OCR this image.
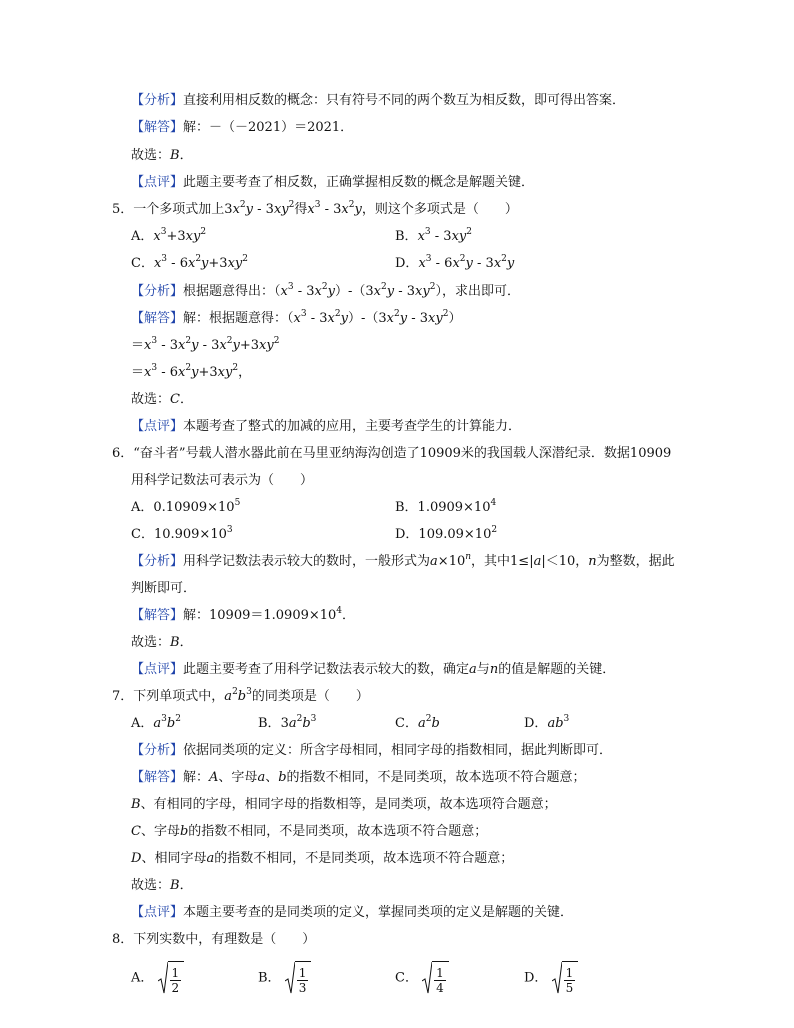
【分析】直接利用相反数的概念：只有符号不同的两个数互为相反数，即可得出答案．
【解答】解：－（－2021）＝2021．
故选：B．
【点评】此题主要考查了相反数，正确掌握相反数的概念是解题关键．
5．一个多项式加上$3x^2y - 3xy^2$得$x^3 - 3x^2y$，则这个多项式是（　　）
A．$x^3+3xy^2$	B．$x^3 - 3xy^2$
C．$x^3 - 6x^2y+3xy^2$	D．$x^3 - 6x^2y - 3x^2y$
【分析】根据题意得出：$(x^3 - 3x^2y)-(3x^2y - 3xy^2)$，求出即可．
【解答】解：根据题意得：$(x^3 - 3x^2y)-(3x^2y - 3xy^2)$
$=x^3 - 3x^2y - 3x^2y+3xy^2$
$=x^3 - 6x^2y+3xy^2$，
故选：C．
【点评】本题考查了整式的加减的应用，主要考查学生的计算能力．
6．“奋斗者”号载人潜水器此前在马里亚纳海沟创造了10909米的我国载人深潜纪录．数据10909
用科学记数法可表示为（　　）
A．$0.10909\times 10^5$	B．$1.0909\times 10^4$
C．$10.909\times 10^3$	D．$109.09\times 10^2$
【分析】用科学记数法表示较大的数时，一般形式为$a\times 10^n$，其中1≤|a|＜10，n为整数，据此
判断即可．
【解答】解：$10909=1.0909\times 10^4$．
故选：B．
【点评】此题主要考查了用科学记数法表示较大的数，确定a与n的值是解题的关键．
7．下列单项式中，$a^2b^3$的同类项是（　　）
A．$a^3b^2$	B．$3a^2b^3$	C．$a^2b$	D．$ab^3$
【分析】依据同类项的定义：所含字母相同，相同字母的指数相同，据此判断即可．
【解答】解：A、字母a、b的指数不相同，不是同类项，故本选项不符合题意；
B、有相同的字母，相同字母的指数相等，是同类项，故本选项符合题意；
C、字母b的指数不相同，不是同类项，故本选项不符合题意；
D、相同字母a的指数不相同，不是同类项，故本选项不符合题意；
故选：B．
【点评】本题主要考查的是同类项的定义，掌握同类项的定义是解题的关键．
8．下列实数中，有理数是（　　）
A． $\frac{1}{2}$	B． $\frac{1}{3}$	C． $\frac{1}{4}$	D． $\frac{1}{5}$
